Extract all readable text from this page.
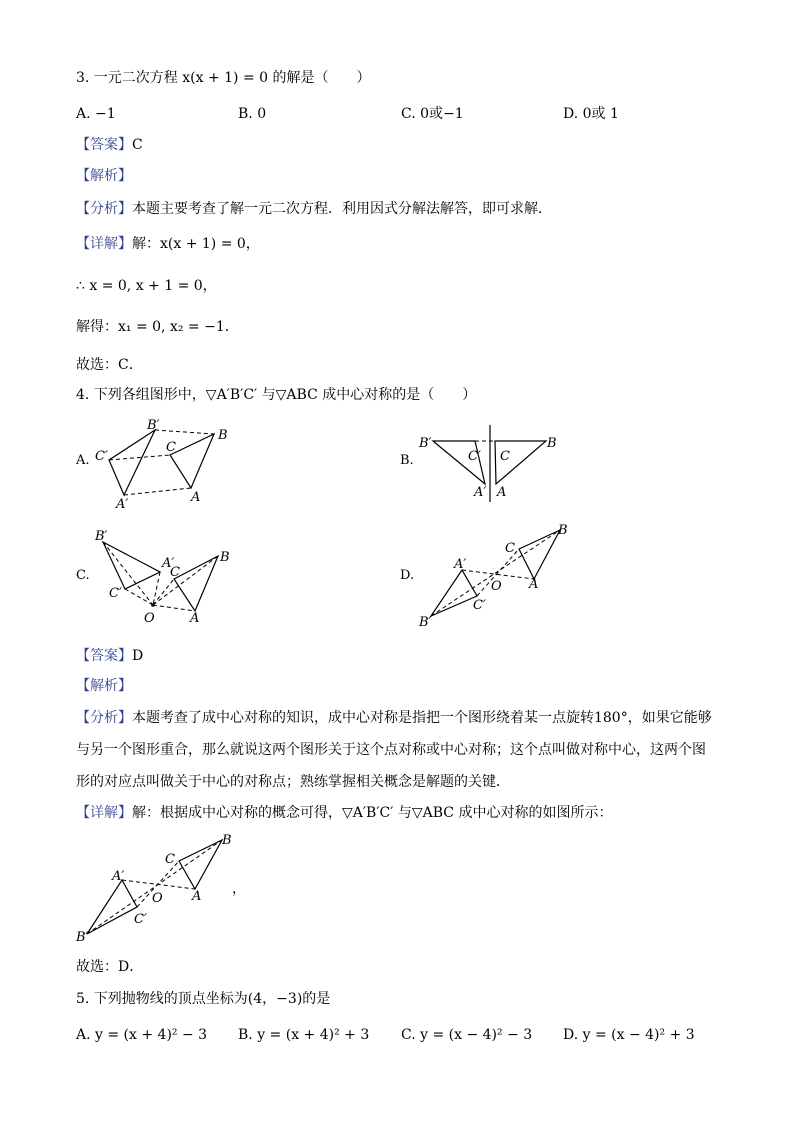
3. 一元二次方程 x(x + 1) = 0 的解是（　　）
A. −1	B. 0	C. 0或−1	D. 0或 1
【答案】C
【解析】
【分析】本题主要考查了解一元二次方程．利用因式分解法解答，即可求解．
【详解】解：x(x + 1) = 0，
∴ x = 0, x + 1 = 0，
解得：x₁ = 0, x₂ = −1．
故选：C．
4. 下列各组图形中，▽A′B′C′ 与▽ABC 成中心对称的是（　　）
A.
B′
B
C
C′
A′	A
B.
B′	B
C′ C
A′ A
C.
B′
B
A′
C
C′
A
O
D.
A′
C
B
O A
C′
B′
【答案】D
【解析】
【分析】本题考查了成中心对称的知识，成中心对称是指把一个图形绕着某一点旋转180°，如果它能够
与另一个图形重合，那么就说这两个图形关于这个点对称或中心对称；这个点叫做对称中心，这两个图
形的对应点叫做关于中心的对称点；熟练掌握相关概念是解题的关键．
【详解】解：根据成中心对称的概念可得，▽A′B′C′ 与▽ABC 成中心对称的如图所示：
A′
C
B
O A
C′
B′
，
故选：D．
5. 下列抛物线的顶点坐标为(4，−3)的是
A. y = (x + 4)² − 3 B. y = (x + 4)² + 3 C. y = (x − 4)² − 3 D. y = (x − 4)² + 3
